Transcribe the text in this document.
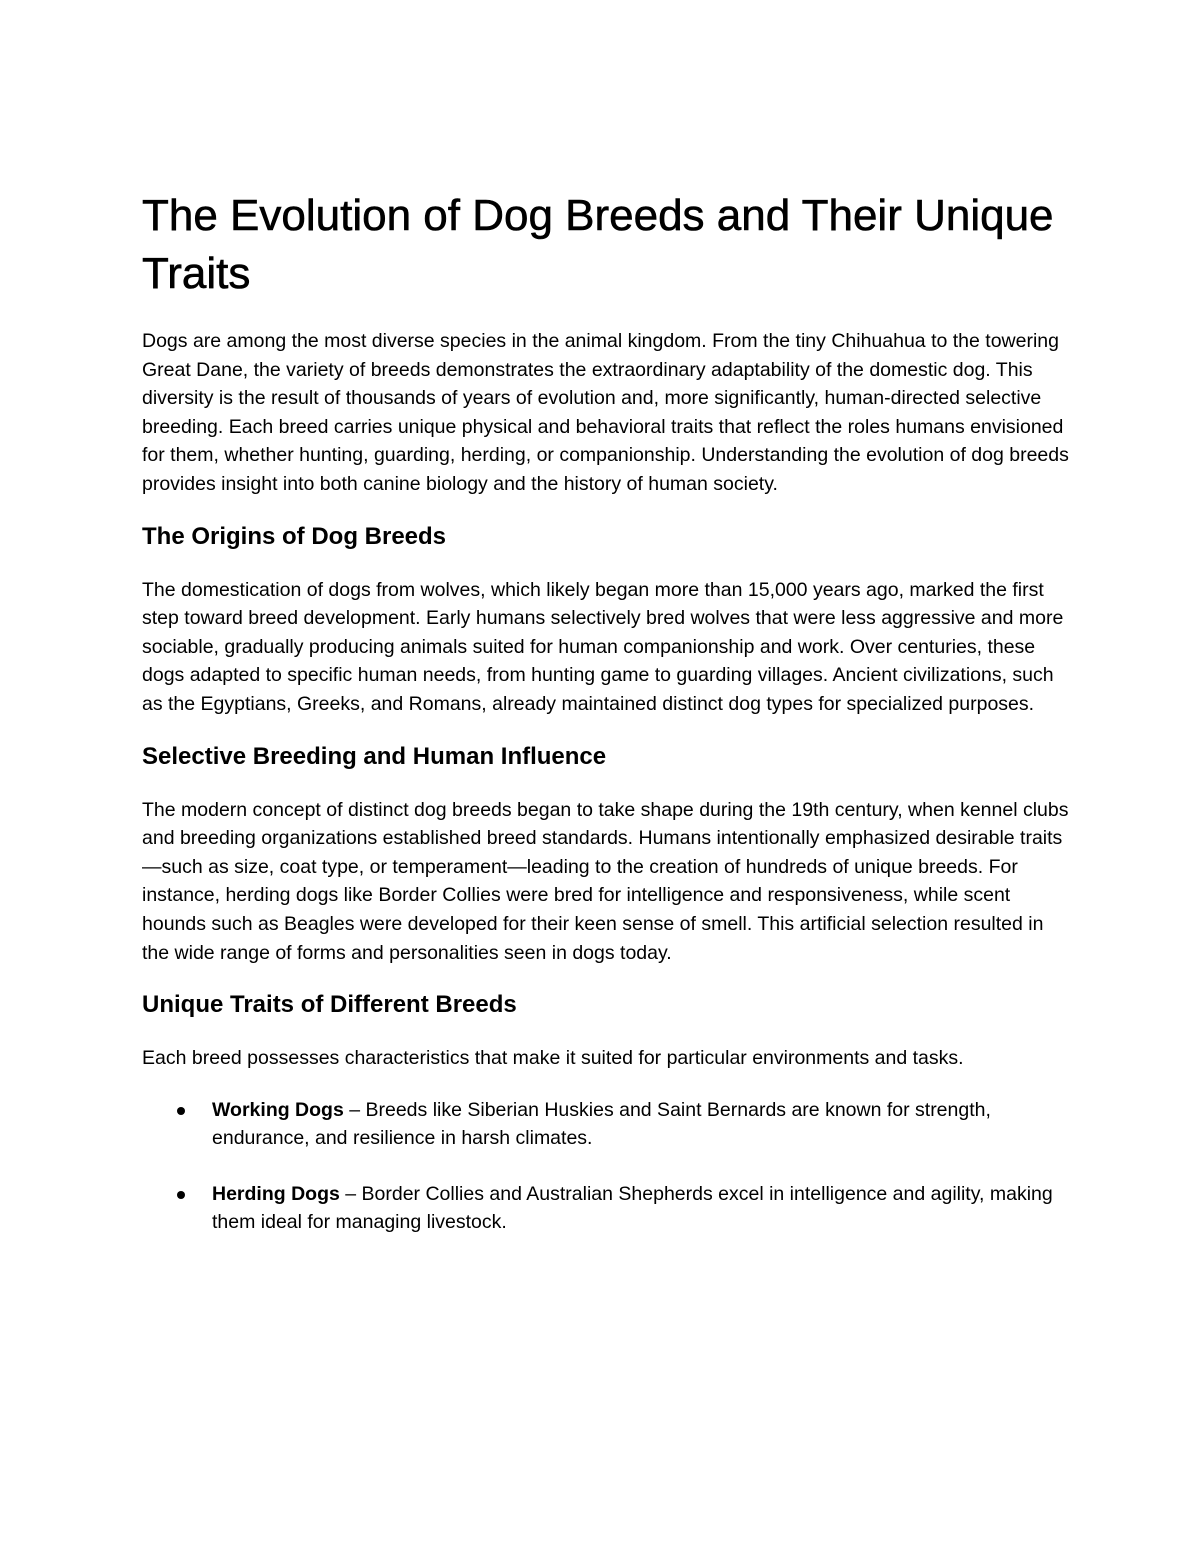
The Evolution of Dog Breeds and Their Unique Traits

Dogs are among the most diverse species in the animal kingdom. From the tiny Chihuahua to the towering Great Dane, the variety of breeds demonstrates the extraordinary adaptability of the domestic dog. This diversity is the result of thousands of years of evolution and, more significantly, human-directed selective breeding. Each breed carries unique physical and behavioral traits that reflect the roles humans envisioned for them, whether hunting, guarding, herding, or companionship. Understanding the evolution of dog breeds provides insight into both canine biology and the history of human society.

The Origins of Dog Breeds

The domestication of dogs from wolves, which likely began more than 15,000 years ago, marked the first step toward breed development. Early humans selectively bred wolves that were less aggressive and more sociable, gradually producing animals suited for human companionship and work. Over centuries, these dogs adapted to specific human needs, from hunting game to guarding villages. Ancient civilizations, such as the Egyptians, Greeks, and Romans, already maintained distinct dog types for specialized purposes.

Selective Breeding and Human Influence

The modern concept of distinct dog breeds began to take shape during the 19th century, when kennel clubs and breeding organizations established breed standards. Humans intentionally emphasized desirable traits—such as size, coat type, or temperament—leading to the creation of hundreds of unique breeds. For instance, herding dogs like Border Collies were bred for intelligence and responsiveness, while scent hounds such as Beagles were developed for their keen sense of smell. This artificial selection resulted in the wide range of forms and personalities seen in dogs today.

Unique Traits of Different Breeds

Each breed possesses characteristics that make it suited for particular environments and tasks.

Working Dogs – Breeds like Siberian Huskies and Saint Bernards are known for strength, endurance, and resilience in harsh climates.
Herding Dogs – Border Collies and Australian Shepherds excel in intelligence and agility, making them ideal for managing livestock.
